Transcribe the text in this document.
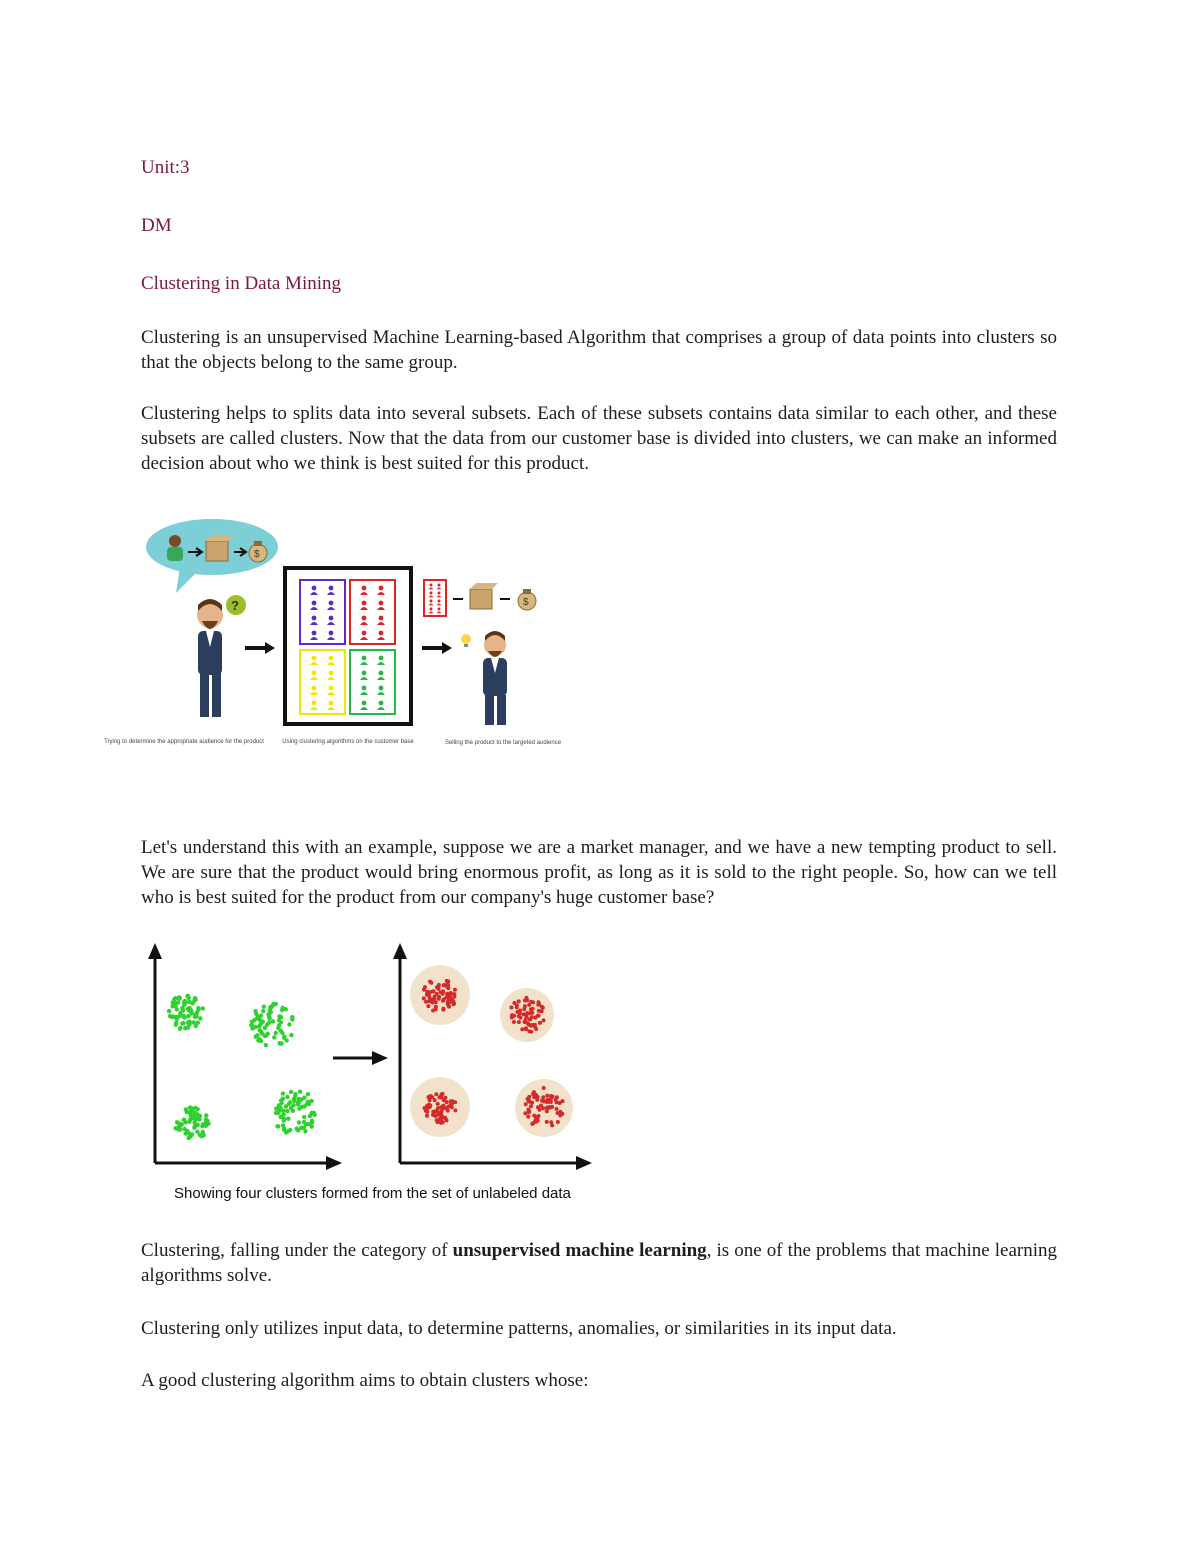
Unit:3

DM

Clustering in Data Mining

Clustering is an unsupervised Machine Learning-based Algorithm that comprises a group of data points into clusters so that the objects belong to the same group.

Clustering helps to splits data into several subsets. Each of these subsets contains data similar to each other, and these subsets are called clusters. Now that the data from our customer base is divided into clusters, we can make an informed decision about who we think is best suited for this product.

$
?	$
Trying to determine the appropriate audience for the product	Using clustering algorithms on the customer base	Selling the product to the targeted audience

Let's understand this with an example, suppose we are a market manager, and we have a new tempting product to sell. We are sure that the product would bring enormous profit, as long as it is sold to the right people. So, how can we tell who is best suited for the product from our company's huge customer base?

Showing four clusters formed from the set of unlabeled data

Clustering, falling under the category of unsupervised machine learning, is one of the problems that machine learning algorithms solve.

Clustering only utilizes input data, to determine patterns, anomalies, or similarities in its input data.

A good clustering algorithm aims to obtain clusters whose:
